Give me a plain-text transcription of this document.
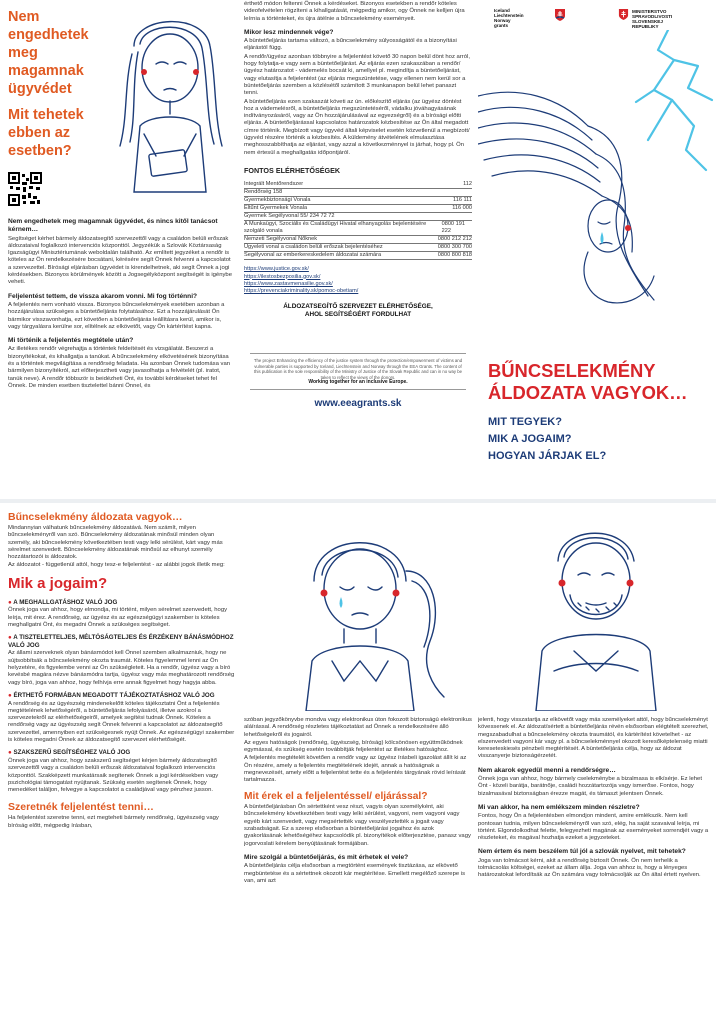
Nem
engedhetek
meg
magamnak
ügyvédet
Mit tehetek
ebben az
esetben?
Nem engedhetek meg magamnak ügyvédet, és nincs kitől tanácsot kérnem…
Segítséget kérhet bármely áldozatsegítő szervezettől vagy a családon belüli erőszak áldozataival foglalkozó intervenciós központtól. Jegyzékük a Szlovák Köztársaság Igazságügyi Minisztériumának weboldalán található. Az említett jegyzéket a rendőr is köteles az Ön rendelkezésére bocsátani, kérésére segít Önnek felvenni a kapcsolatot a szervezettel. Bírósági eljárásban ügyvédet is kirendelhetnek, aki segít Önnek a jogi kérdésekben. Bizonyos körülmények között a Jogsegélyközpont segítségét is igénybe veheti.
Feljelentést tettem, de vissza akarom vonni. Mi fog történni?
A feljelentés nem vonható vissza. Bizonyos bűncselekmények esetében azonban a hozzájárulása szükséges a büntetőeljárás folytatásához. Ezt a hozzájárulását Ön bármikor visszavonhatja, ezt követően a büntetőeljárás leállításra kerül, amikor is, vagy tárgyalásra kerülne sor, elítélnek az elkövetőt, vagy Ön kártérítést kapna.
Mi történik a feljelentés megtétele után?
Az illetékes rendőr végrehajtja a történtek feldeítését és vizsgálatát. Beszerzi a bizonyítékokat, és kihallgatja a tanúkat. A bűncselekmény elkövetésének bizonyítása és a történtek megvilágítása a rendőrség feladata. Ha azonban Önnek tudomása van bármilyen bizonyítékról, azt előterjesztheti vagy javasolhatja a felvételét (pl. iratot, tanúk neve). A rendőr többször is beidézheti Önt, és további kérdéseket tehet fel Önnek. De minden esetben tisztelettel bánni Önnel, és
érthető módon feltenni Önnek a kérdéseket. Bizonyos esetekben a rendőr köteles videofelvételen rögzíteni a kihallgatását, mégpedig amikor, ogy Önnek ne kelljen újra leírnia a történteket, és újra átélnie a bűncselekmény eseményeit.
Mikor lesz mindennek vége?
A büntetőeljárás tartama változó, a bűncselekmény súlyosságától és a bizonyítási eljárástól függ.
A rendőr/ügyész azonban többnyire a feljelentést követő 30 napon belül dönt hoz arról, hogy folytatja-e vagy sem a büntetőeljárást. Az eljárás ezen szakaszában a rendőr/ügyész határozatot - vádemelés bocsát ki, amellyel pl. megindítja a büntetőeljárást, vagy elutasítja a feljelentést (az eljárás megszüntetése, vagy ellenen nem kerül sor a büntetőeljárás szemben a közlésétől számított 3 munkanapon belül lehet panaszt tenni.
A büntetőeljárás ezen szakaszát követi az ún. előkészítő eljárás (az ügyész döntést hoz a vádemelésről, a büntetőeljárás megszüntetéséről, vádalku jóváhagyásának indítványozásáról, vagy az Ön hozzájárulásával az egyezségről) és a bírósági előtti eljárás. A büntetőeljárással kapcsolatos határozatok kézbesítése az Ön által megadott címre történik. Megbízott vagy ügyvéd általi képviselet esetén közvetlenül a megbízott/ügyvéd részére történik a kézbesítés. A küldemény átvételének elmulasztása meghosszabbíthatja az eljárást, vagy azzal a következménnyel is járhat, hogy pl. Ön nem értesül a meghallgatás időpontjáról.
FONTOS ELÉRHETŐSÉGEK
Integrált Mentőrendszer	112
Rendőrség 158
Gyermekbiztonsági Vonala	116 111
Eltűnt Gyermekek Vonala	116 000
Gyermek Segélyvonal 55/ 234 72 72
A Munkaügyi, Szociális és Családügyi Hivatal elhanyagolás bejelentésére szolgáló vonala
0800 191 222
Nemzeti Segélyvonal Nőknek	0800 212 212
Ügyeleti vonal a családon belüli erőszak bejelentéséhez	0800 300 700
Segélyvonal az emberkereskedelem áldozatai számára	0800 800 818
https://www.justice.gov.sk/
https://ilestosbezposilia.gov.sk/
https://www.zastavmenasilie.gov.sk/
https://prevenciakriminality.sk/pomoc-obetiam/
ÁLDOZATSEGÍTŐ SZERVEZET ELÉRHETŐSÉGE,
AHOL SEGÍTSÉGÉRT FORDULHAT
The project Enhancing the efficiency of the justice system through the protection/empowerment of victims and vulnerable parties is supported by Iceland, Liechtenstein and Norway through the EEA Grants. The content of this publication is the sole responsibility of the Ministry of Justice of the Slovak Republic and can in no way be taken to reflect the views of the donors.
Working together for an inclusive Europe.
www.eeagrants.sk
Iceland
Liechtenstein
Norway grants
MINISTERSTVO
SPRAVODLIVOSTI
SLOVENSKEJ REPUBLIKY
BŰNCSELEKMÉNY
ÁLDOZATA VAGYOK…
MIT TEGYEK?
MIK A JOGAIM?
HOGYAN JÁRJAK EL?
Bűncselekmény áldozata vagyok…
Mindannyian válhatunk bűncselekmény áldozatává. Nem számít, milyen bűncselekményről van szó. Bűncselekmény áldozatának minősül minden olyan személy, aki bűncselekmény következtében testi vagy lelki sérülést, kárt vagy más sérelmet szenvedett. Bűncselekmény áldozatának minősül az elhunyt személy hozzátartozói is áldozatok.
Az áldozatot - függetlenül attól, hogy tesz-e feljelentést - az alábbi jogok illetik meg:
Mik a jogaim?
● A MEGHALLGATÁSHOZ VALÓ JOG
Önnek joga van ahhoz, hogy elmondja, mi történt, milyen sérelmet szenvedett, hogy leírja, mit érez. A rendőrség, az ügyész és az egészségügyi szakember is köteles meghallgatni Önt, és megadni Önnek a szükséges segítséget.
● A TISZTELETTELJES, MÉLTÓSÁGTELJES ÉS ÉRZÉKENY BÁNÁSMÓDHOZ VALÓ JOG
Az állami szerveknek olyan bánásmódot kell Önnel szemben alkalmazniuk, hogy ne sújtsobbítsák a bűncselekmény okozta traumát. Köteles figyelemmel lenni az Ön helyzetére, és figyelembe venni az Ön szükségleteit. Ha a rendőr, ügyész vagy a bíró kevésbé magára nézve bánásmódra tartja, ügyész vagy más meghatározott rendőrség vagy bíró, joga van ahhoz, hogy felhívja erre annak figyelmet hogy hagyja abba.
● ÉRTHETŐ FORMÁBAN MEGADOTT TÁJÉKOZTATÁSHOZ VALÓ JOG
A rendőrség és az ügyészség mindenekelőtt köteles tájékoztatni Önt a feljelentés megtételének lehetőségéről, a büntetőeljárás lefolyásáról, illetve azokrol a szervezetekről az elérhetőségeiről, amelyek segítési tudnak Önnek. Köteles a rendőrség vagy az ügyészség segít Önnek felvenni a kapcsolatot az áldozatsegítő szervezettel, amennyiben ezt szükségesnek nyújt Önnek. Az egészségügyi szakember is köteles megadni Önnek az áldozatsegítő szervezet elérhetőségét.
● SZAKSZERŰ SEGÍTSÉGHEZ VALÓ JOG
Önnek joga van ahhoz, hogy szakszerű segítséget kérjen bármely áldozatsegítő szervezettől vagy a családon belüli erőszak áldozataival foglalkozó intervenciós központtól. Szakképzett munkatársaik segítenek Önnek a jogi kérdésekben vagy pszichológiai támogatást nyújtanak. Szükség esetén segítenek Önnek, hogy menedéket találjon, felvegye a kapcsolatot a családjával vagy pénzhez jusson.
Szeretnék feljelentést tenni…
Ha feljelentést szeretne tenni, ezt megteheti bármely rendőrség, ügyészség vagy bíróság előtt, mégpedig írásban,
szóban jegyzőkönyvbe mondva vagy elektronikus úton fokozott biztonságú elektronikus aláírással. A rendőrség részletes tájékoztatást ad Önnek a rendelkezésére álló lehetőségekről és jogairól.
Az egyes hatóságok (rendőrség, ügyészség, bíróság) kölcsönösen együttműködnek egymással, és szükség esetén továbbítják feljelentést az illetékes hatósághoz.
A feljelentés megtételét követően a rendőr vagy az ügyész írásbeli igazolást állít ki az Ön részére, amely a feljelentés megtételének idejét, annak a hatóságnak a megnevezését, amely előtt a feljelentést tette és a feljelentés tárgyának rövid leírását tartalmazza.
Mit érek el a feljelentéssel/ eljárással?
A büntetőeljárásban Ön sértettként vesz részt, vagyis olyan személyként, aki bűncselekmény következtében testi vagy lelki sérülést, vagyoni, nem vagyoni vagy egyéb kárt szenvedett, vagy megsértették vagy veszélyeztették a jogait vagy szabadságait. Ez a szerep elsősorban a büntetőeljárási jogaihoz és azok gyakorlásának lehetőségéhez kapcsolódik pl. bizonyítékok előterjesztése, panasz vagy jogorvoslati kérelem benyújtásának formájában.
Mire szolgál a büntetőeljárás, és mit érhetek el vele?
A büntetőeljárás célja elsősorban a megtörtént események tisztázása, az elkövető megbüntetése és a sértettnek okozott kár megtérítése. Emellett megélőző szerepe is van, ami azt
jelenti, hogy visszatartja az elkövetőt vagy más személyeket attól, hogy bűncselekményt kövessenek el. Az áldozat/sértett a büntetőeljárás révén elsősorban elégtételt szerezhet, megszabadulhat a bűncselekmény okozta traumától, és kártérítést követelhet - az elszenvedett vagyoni kár vagy pl. a bűncselekménnyel okozott keresőképtelenség miatti kereseteskiesés pénzbeli megtérítését. A büntetőeljárás célja, hogy az áldozat visszanyerje biztonságérzetét.
Nem akarok egyedül menni a rendőrségre…
Önnek joga van ahhoz, hogy bármely cselekménybe a bizalmasa is elkísérje. Ez lehet Önt - közeli barátja, barátnője, családi hozzátartozója vagy ismerőse. Fontos, hogy bizalmasával biztonságban érezze magát, és támaszt jelentsen Önnek.
Mi van akkor, ha nem emlékszem minden részletre?
Fontos, hogy Ön a feljelentésben elmondjon mindent, amire emlékszik. Nem kell pontosan tudnia, milyen bűncselekményről van szó, elég, ha saját szavaival leírja, mi történt. Elgondolkodhat felette, felegyezheti magának az eseményeket sorrendjét vagy a részleteket, és magával hozhatja ezeket a jegyzeteket.
Nem értem és nem beszélem túl jól a szlovák nyelvet, mit tehetek?
Joga van tolmácsot kérni, akit a rendőrség biztosít Önnek. Ön nem terhelik a tolmácsolás költségei, ezeket az állam állja. Joga van ahhoz is, hogy a lényeges határozatokat lefordítsák az Ön számára vagy tolmácsolják az Ön által értett nyelven.
